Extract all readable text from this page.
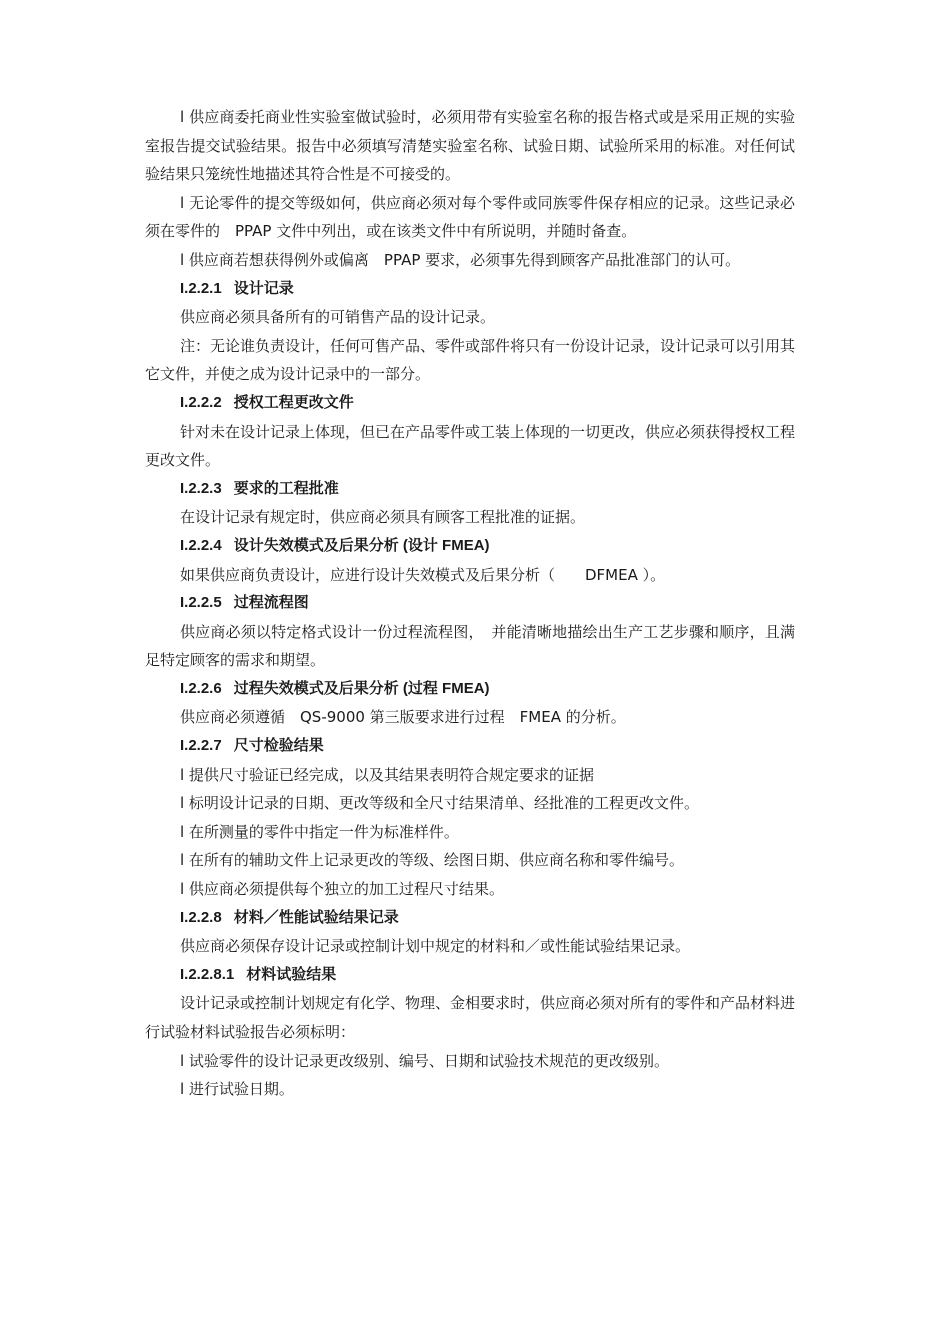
l 供应商委托商业性实验室做试验时，必须用带有实验室名称的报告格式或是采用正规的实验室报告提交试验结果。报告中必须填写清楚实验室名称、试验日期、试验所采用的标准。对任何试验结果只笼统性地描述其符合性是不可接受的。

l 无论零件的提交等级如何，供应商必须对每个零件或同族零件保存相应的记录。这些记录必须在零件的　PPAP 文件中列出，或在该类文件中有所说明，并随时备查。

l 供应商若想获得例外或偏离　PPAP 要求，必须事先得到顾客产品批准部门的认可。

I.2.2.1 设计记录

供应商必须具备所有的可销售产品的设计记录。

注：无论谁负责设计，任何可售产品、零件或部件将只有一份设计记录，设计记录可以引用其它文件，并使之成为设计记录中的一部分。

I.2.2.2 授权工程更改文件

针对未在设计记录上体现，但已在产品零件或工装上体现的一切更改，供应必须获得授权工程更改文件。

I.2.2.3 要求的工程批准

在设计记录有规定时，供应商必须具有顾客工程批准的证据。

I.2.2.4 设计失效模式及后果分析 (设计 FMEA)

如果供应商负责设计，应进行设计失效模式及后果分析（　　DFMEA ）。

I.2.2.5 过程流程图

供应商必须以特定格式设计一份过程流程图，　并能清晰地描绘出生产工艺步骤和顺序，且满足特定顾客的需求和期望。

I.2.2.6 过程失效模式及后果分析 (过程 FMEA)

供应商必须遵循　QS-9000 第三版要求进行过程　FMEA 的分析。

I.2.2.7 尺寸检验结果

l 提供尺寸验证已经完成，以及其结果表明符合规定要求的证据

l 标明设计记录的日期、更改等级和全尺寸结果清单、经批准的工程更改文件。

l 在所测量的零件中指定一件为标准样件。

l 在所有的辅助文件上记录更改的等级、绘图日期、供应商名称和零件编号。

l 供应商必须提供每个独立的加工过程尺寸结果。

I.2.2.8 材料／性能试验结果记录

供应商必须保存设计记录或控制计划中规定的材料和／或性能试验结果记录。

I.2.2.8.1 材料试验结果

设计记录或控制计划规定有化学、物理、金相要求时，供应商必须对所有的零件和产品材料进行试验材料试验报告必须标明：

l 试验零件的设计记录更改级别、编号、日期和试验技术规范的更改级别。

l 进行试验日期。
